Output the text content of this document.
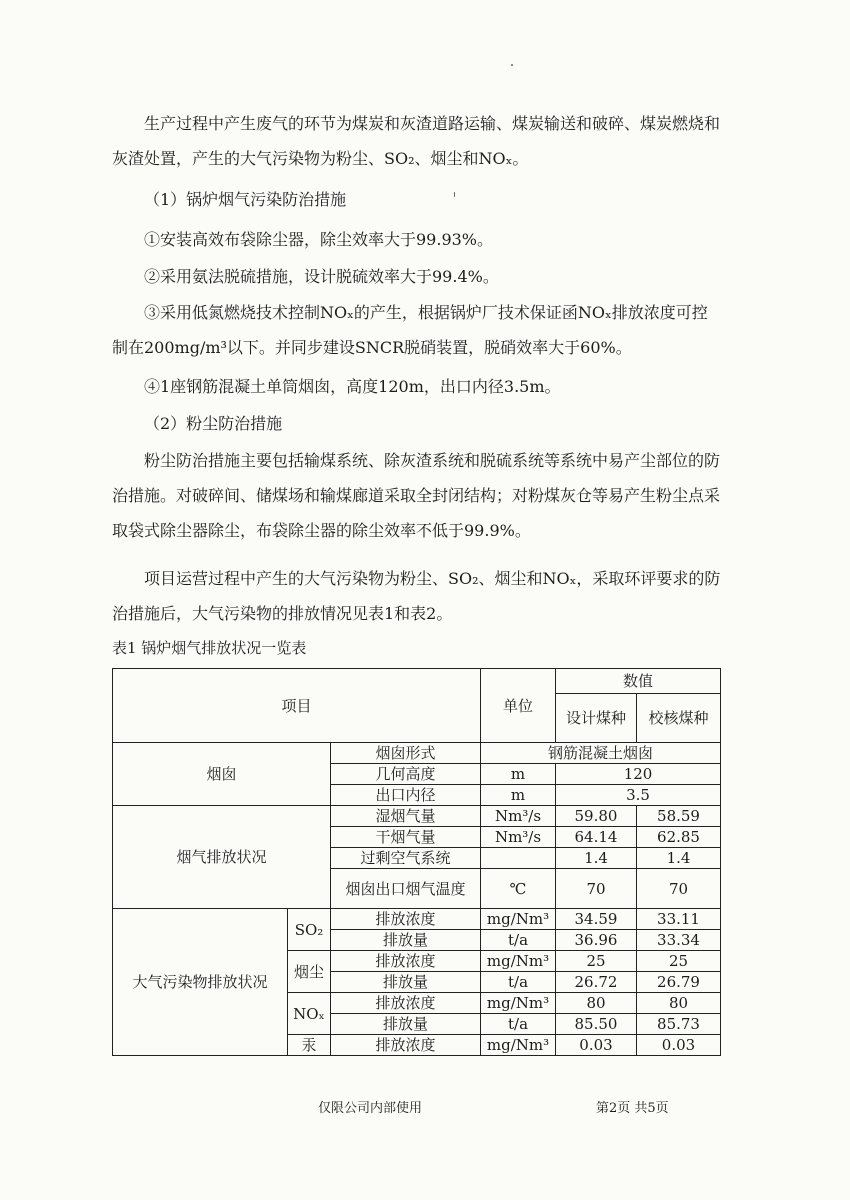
生产过程中产生废气的环节为煤炭和灰渣道路运输、煤炭输送和破碎、煤炭燃烧和灰渣处置，产生的大气污染物为粉尘、SO₂、烟尘和NOₓ。

（1）锅炉烟气污染防治措施

①安装高效布袋除尘器，除尘效率大于99.93%。

②采用氨法脱硫措施，设计脱硫效率大于99.4%。

③采用低氮燃烧技术控制NOₓ的产生，根据锅炉厂技术保证函NOₓ排放浓度可控制在200mg/m³以下。并同步建设SNCR脱硝装置，脱硝效率大于60%。

④1座钢筋混凝土单筒烟囱，高度120m，出口内径3.5m。

（2）粉尘防治措施

粉尘防治措施主要包括输煤系统、除灰渣系统和脱硫系统等系统中易产尘部位的防治措施。对破碎间、储煤场和输煤廊道采取全封闭结构；对粉煤灰仓等易产生粉尘点采取袋式除尘器除尘，布袋除尘器的除尘效率不低于99.9%。

项目运营过程中产生的大气污染物为粉尘、SO₂、烟尘和NOₓ，采取环评要求的防治措施后，大气污染物的排放情况见表1和表2。

表1 锅炉烟气排放状况一览表

项目			单位	数值	
				设计煤种	校核煤种
烟囱		烟囱形式	钢筋混凝土烟囱		
		几何高度	m	120	
		出口内径	m	3.5	
烟气排放状况		湿烟气量	Nm³/s	59.80	58.59
		干烟气量	Nm³/s	64.14	62.85
		过剩空气系统		1.4	1.4
		烟囱出口烟气温度	℃	70	70
大气污染物排放状况	SO₂	排放浓度	mg/Nm³	34.59	33.11
		排放量	t/a	36.96	33.34
	烟尘	排放浓度	mg/Nm³	25	25
		排放量	t/a	26.72	26.79
	NOₓ	排放浓度	mg/Nm³	80	80
		排放量	t/a	85.50	85.73
	汞	排放浓度	mg/Nm³	0.03	0.03
仅限公司内部使用	第2页 共5页
